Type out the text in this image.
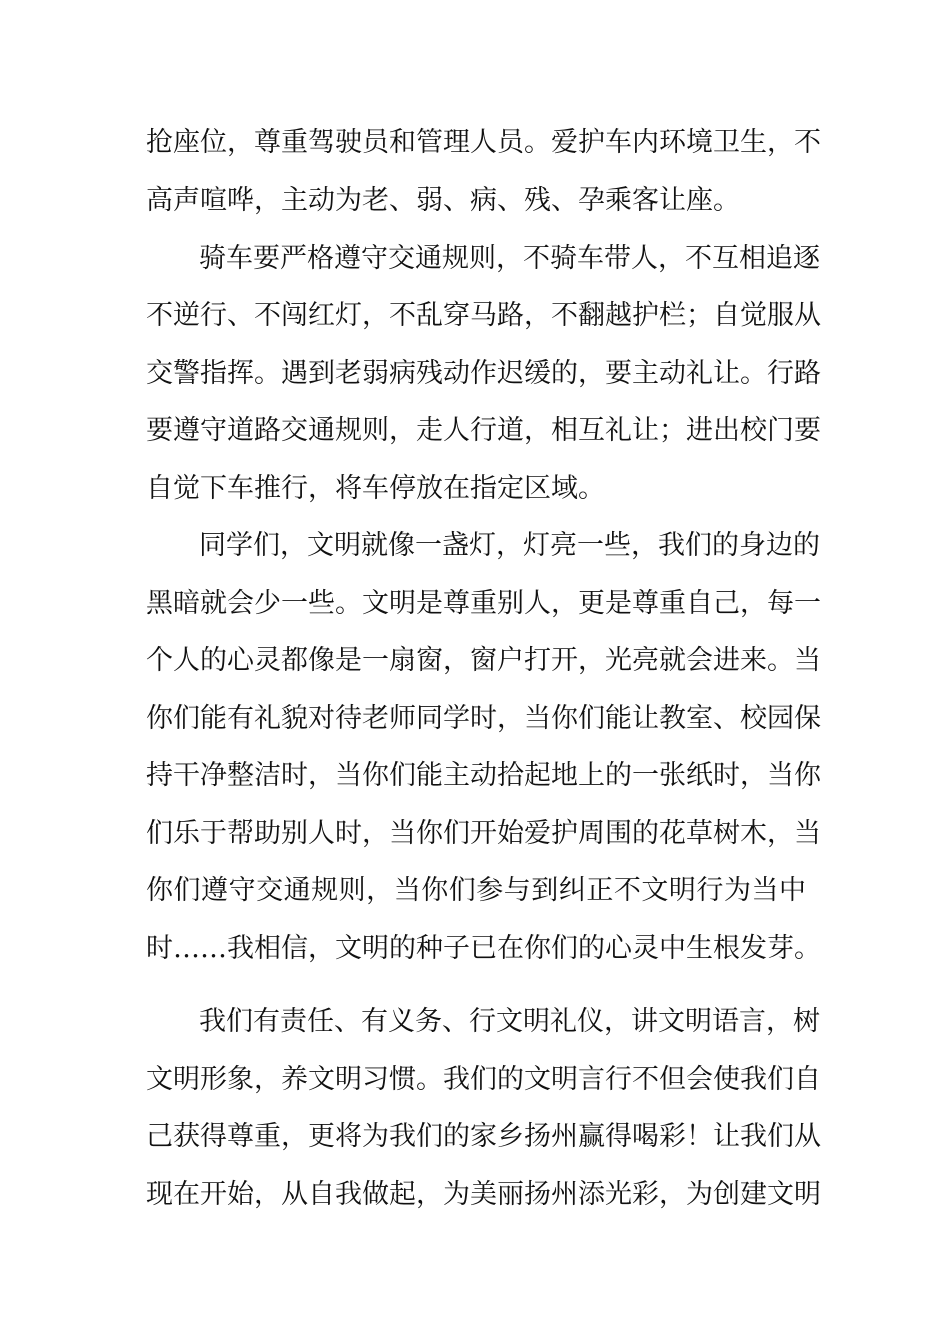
抢座位，尊重驾驶员和管理人员。爱护车内环境卫生，不
高声喧哗，主动为老、弱、病、残、孕乘客让座。
骑车要严格遵守交通规则，不骑车带人，不互相追逐
不逆行、不闯红灯，不乱穿马路，不翻越护栏；自觉服从
交警指挥。遇到老弱病残动作迟缓的，要主动礼让。行路
要遵守道路交通规则，走人行道，相互礼让；进出校门要
自觉下车推行，将车停放在指定区域。
同学们，文明就像一盏灯，灯亮一些，我们的身边的
黑暗就会少一些。文明是尊重别人，更是尊重自己，每一
个人的心灵都像是一扇窗，窗户打开，光亮就会进来。当
你们能有礼貌对待老师同学时，当你们能让教室、校园保
持干净整洁时，当你们能主动拾起地上的一张纸时，当你
们乐于帮助别人时，当你们开始爱护周围的花草树木，当
你们遵守交通规则，当你们参与到纠正不文明行为当中
时……我相信，文明的种子已在你们的心灵中生根发芽。
我们有责任、有义务、行文明礼仪，讲文明语言，树
文明形象，养文明习惯。我们的文明言行不但会使我们自
己获得尊重，更将为我们的家乡扬州赢得喝彩！让我们从
现在开始，从自我做起，为美丽扬州添光彩，为创建文明
